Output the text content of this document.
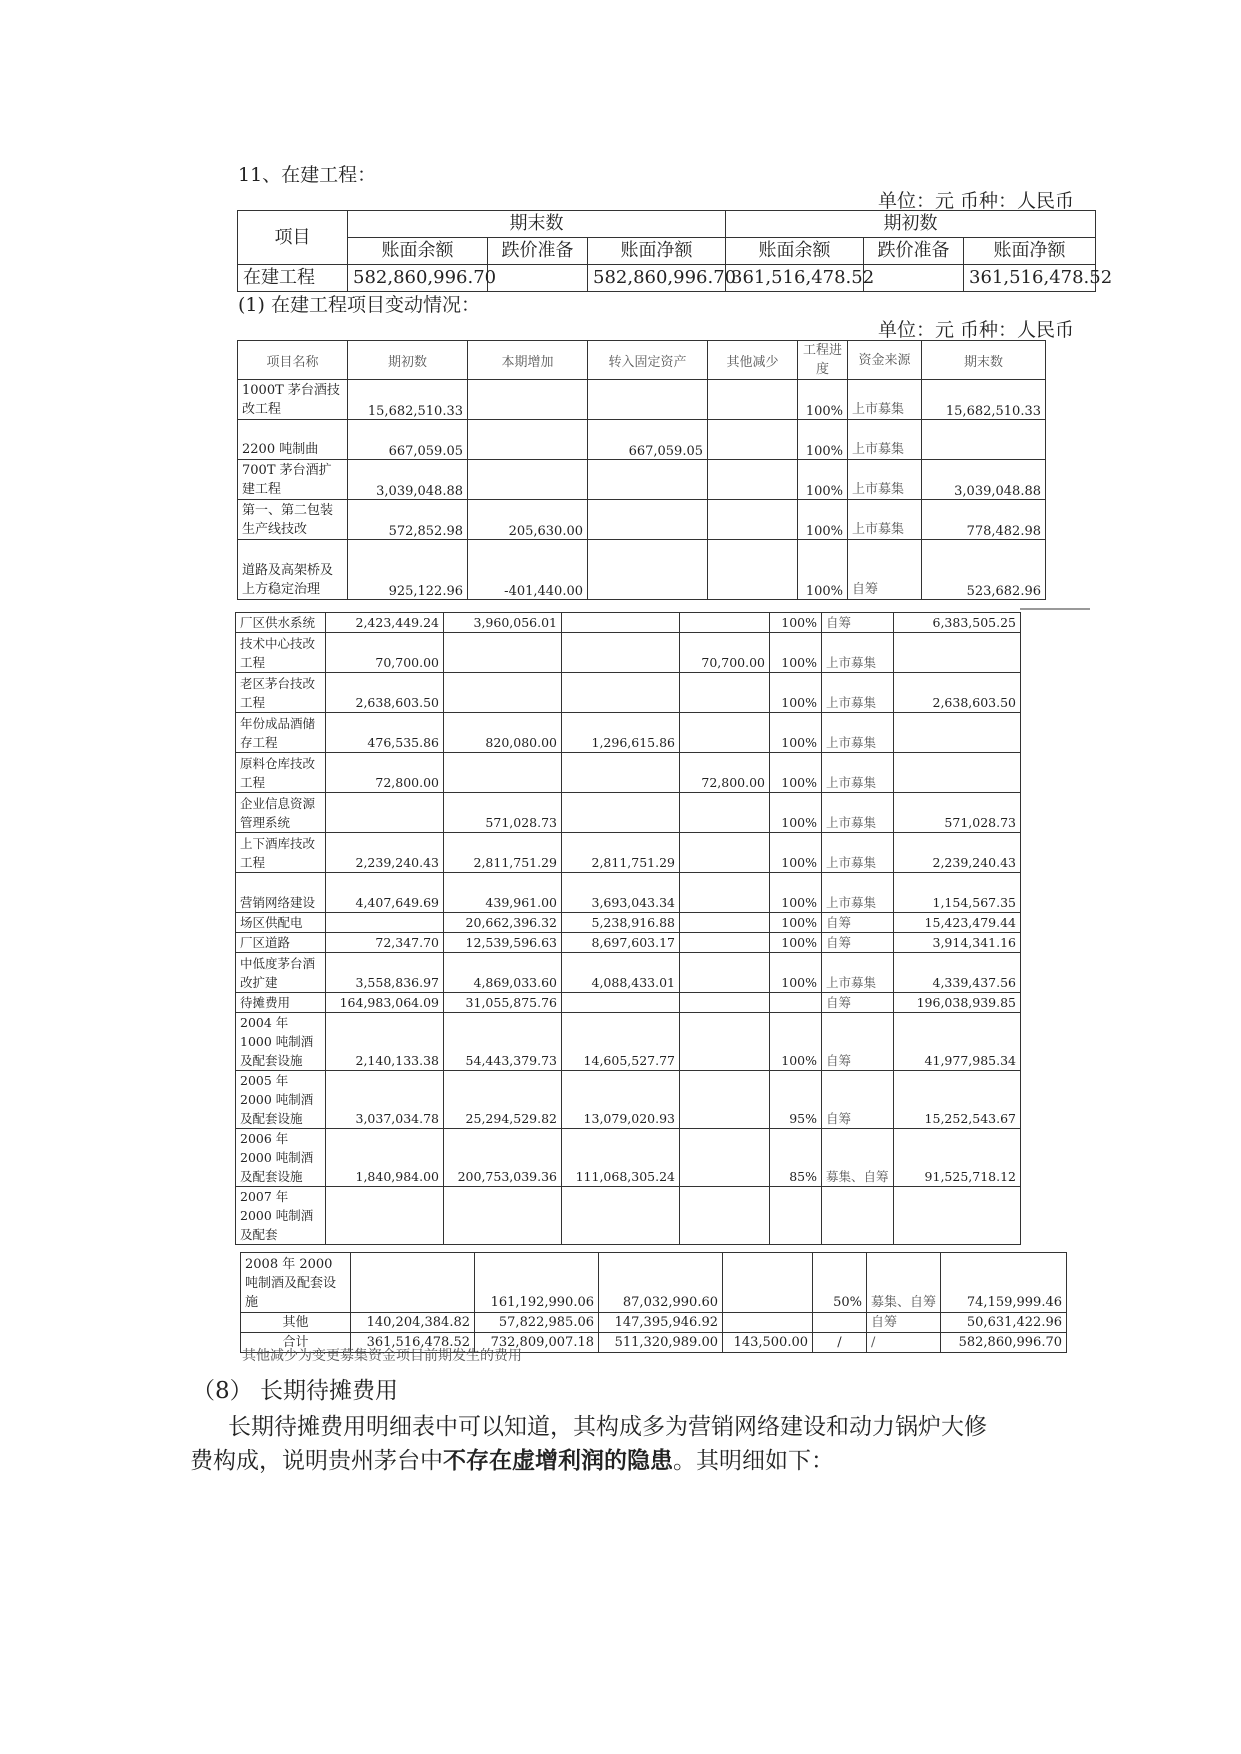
11、在建工程：
单位：元 币种：人民币
项目	期末数			期初数		
	账面余额	跌价准备	账面净额	账面余额	跌价准备	账面净额
在建工程	582,860,996.70		582,860,996.70	361,516,478.52		361,516,478.52
(1) 在建工程项目变动情况：
单位：元 币种：人民币
项目名称	期初数	本期增加	转入固定资产	其他减少	工程进度	资金来源	期末数
1000T 茅台酒技改工程	15,682,510.33				100%	上市募集	15,682,510.33
2200 吨制曲	667,059.05		667,059.05		100%	上市募集	
700T 茅台酒扩建工程	3,039,048.88				100%	上市募集	3,039,048.88
第一、第二包装生产线技改	572,852.98	205,630.00			100%	上市募集	778,482.98
道路及高架桥及上方稳定治理	925,122.96	-401,440.00			100%	自筹	523,682.96
厂区供水系统	2,423,449.24	3,960,056.01			100%	自筹	6,383,505.25
技术中心技改工程	70,700.00			70,700.00	100%	上市募集	
老区茅台技改工程	2,638,603.50				100%	上市募集	2,638,603.50
年份成品酒储存工程	476,535.86	820,080.00	1,296,615.86		100%	上市募集	
原料仓库技改工程	72,800.00			72,800.00	100%	上市募集	
企业信息资源管理系统		571,028.73			100%	上市募集	571,028.73
上下酒库技改工程	2,239,240.43	2,811,751.29	2,811,751.29		100%	上市募集	2,239,240.43
营销网络建设	4,407,649.69	439,961.00	3,693,043.34		100%	上市募集	1,154,567.35
场区供配电		20,662,396.32	5,238,916.88		100%	自筹	15,423,479.44
厂区道路	72,347.70	12,539,596.63	8,697,603.17		100%	自筹	3,914,341.16
中低度茅台酒改扩建	3,558,836.97	4,869,033.60	4,088,433.01		100%	上市募集	4,339,437.56
待摊费用	164,983,064.09	31,055,875.76				自筹	196,038,939.85
2004 年 1000 吨制酒及配套设施	2,140,133.38	54,443,379.73	14,605,527.77		100%	自筹	41,977,985.34
2005 年 2000 吨制酒及配套设施	3,037,034.78	25,294,529.82	13,079,020.93		95%	自筹	15,252,543.67
2006 年 2000 吨制酒及配套设施	1,840,984.00	200,753,039.36	111,068,305.24		85%	募集、自筹	91,525,718.12
2007 年 2000 吨制酒及配套							
2008 年 2000 吨制酒及配套设施		161,192,990.06	87,032,990.60		50%	募集、自筹	74,159,999.46
其他	140,204,384.82	57,822,985.06	147,395,946.92			自筹	50,631,422.96
合计	361,516,478.52	732,809,007.18	511,320,989.00	143,500.00	/	/	582,860,996.70
其他减少为变更募集资金项目前期发生的费用
（8） 长期待摊费用
长期待摊费用明细表中可以知道，其构成多为营销网络建设和动力锅炉大修
费构成，说明贵州茅台中不存在虚增利润的隐患。其明细如下：
